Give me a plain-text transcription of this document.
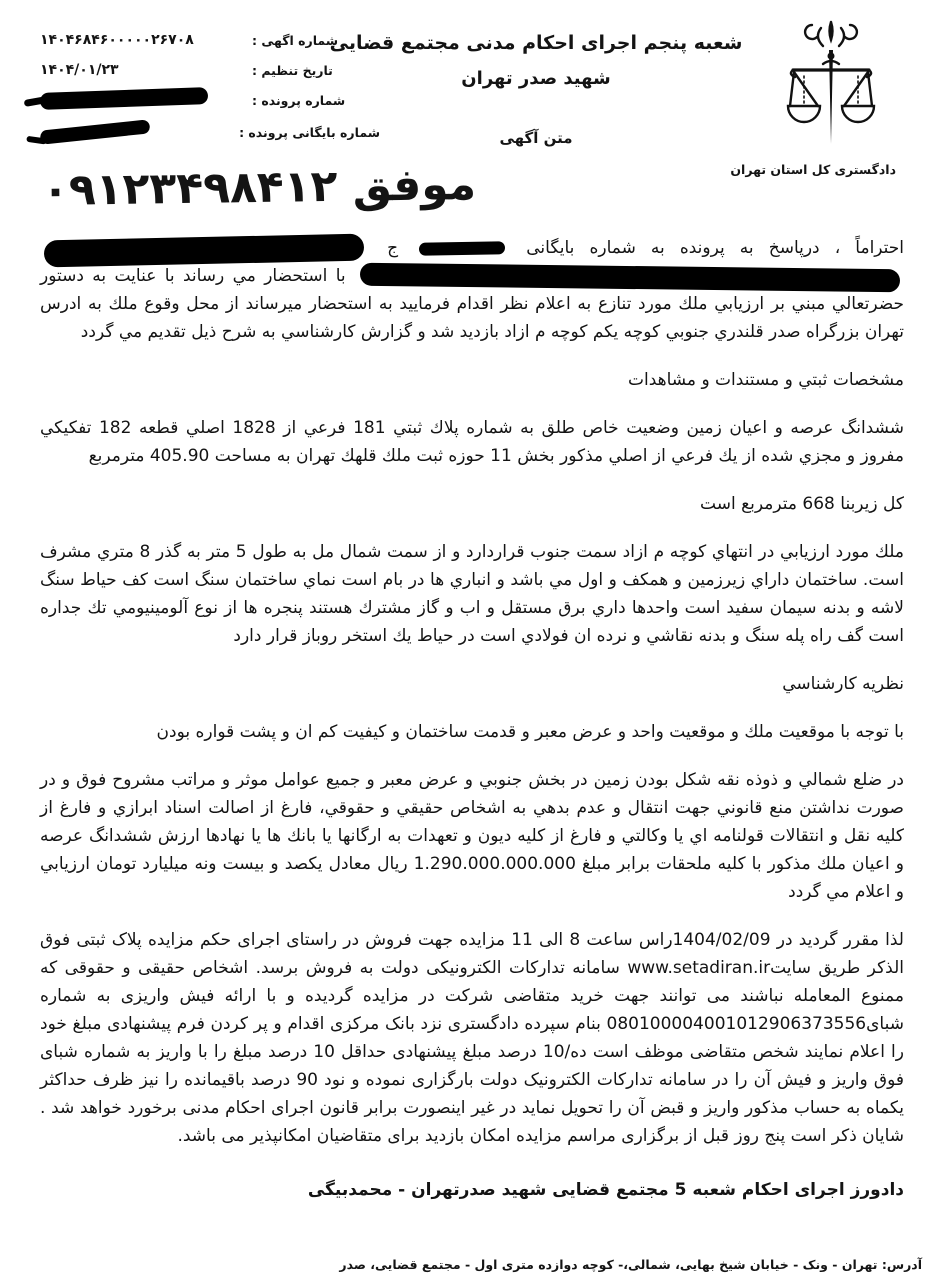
دادگستری کل استان تهران
شعبه پنجم اجرای احکام مدنی مجتمع قضایی
شهید صدر تهران
متن آگهی
شماره اگهی :
۱۴۰۴۶۸۴۶۰۰۰۰۰۲۶۷۰۸
تاریخ تنظیم :
۱۴۰۴/۰۱/۲۳
شماره پرونده :
شماره بایگانی پرونده :
موفق ۰۹۱۲۳۴۹۸۴۱۲

احتراماً ، درپاسخ به پرونده به شماره بایگانی  ج   با استحضار مي رساند با عنایت به دستور حضرتعالي مبني بر ارزیابي ملك مورد تنازع به اعلام نظر اقدام فرمایید به استحضار میرساند از محل وقوع ملك به ادرس تهران بزرگراه صدر قلندري جنوبي کوچه یکم کوچه م ازاد بازدید شد و گزارش کارشناسي به شرح ذیل تقدیم مي گردد

مشخصات ثبتي و مستندات و مشاهدات

ششدانگ عرصه و اعیان زمین وضعیت خاص طلق به شماره پلاك ثبتي 181 فرعي از 1828 اصلي قطعه 182 تفکیکي مفروز و مجزي شده از یك فرعي از اصلي مذکور بخش 11 حوزه ثبت ملك قلهك تهران به مساحت 405.90 مترمربع

کل زیربنا 668 مترمربع است

ملك مورد ارزیابي در انتهاي کوچه م ازاد سمت جنوب قراردارد و از سمت شمال مل به طول 5 متر به گذر 8 متري مشرف است. ساختمان داراي زیرزمین و همکف و اول مي باشد و انباري ها در بام است نماي ساختمان سنگ است کف حیاط سنگ لاشه و بدنه سیمان سفید است واحدها داري برق مستقل و اب و گاز مشترك هستند پنجره ها از نوع آلومینیومي تك جداره است گف راه پله سنگ و بدنه نقاشي و نرده ان فولادي است در حیاط یك استخر روباز قرار دارد

نظریه کارشناسي

با توجه با موقعیت ملك و موقعیت واحد و عرض معبر و قدمت ساختمان و کیفیت کم ان و پشت قواره بودن

در ضلع شمالي و ذوذه نقه شکل بودن زمین در بخش جنوبي و عرض معبر و جمیع عوامل موثر و مراتب مشروح فوق و در صورت نداشتن منع قانوني جهت انتقال و عدم بدهي به اشخاص حقیقي و حقوقي، فارغ از اصالت اسناد ابرازي و فارغ از کلیه نقل و انتقالات قولنامه اي یا وکالتي و فارغ از کلیه دیون و تعهدات به ارگانها یا بانك ها یا نهادها ارزش ششدانگ عرصه و اعیان ملك مذکور با کلیه ملحقات برابر مبلغ 1.290.000.000.000 ریال معادل یکصد و بیست ونه میلیارد تومان ارزیابي و اعلام مي گردد

لذا مقرر گردید در 1404/02/09راس ساعت 8 الی 11 مزایده جهت فروش در راستای اجرای حکم مزایده پلاک ثبتی فوق الذکر طریق سایتwww.setadiran.ir سامانه تدارکات الکترونیکی دولت به فروش برسد. اشخاص حقیقی و حقوقی که ممنوع المعامله نباشند می توانند جهت خرید متقاضی شرکت در مزایده گردیده و با ارائه فیش واریزی به شماره شبای080100004001012906373556 بنام سپرده دادگستری نزد بانک مرکزی اقدام و پر کردن فرم پیشنهادی مبلغ خود را اعلام نمایند شخص متقاضی موظف است ده/10 درصد مبلغ پیشنهادی حداقل 10 درصد مبلغ را با واریز به شماره شبای فوق واریز و فیش آن را در سامانه تدارکات الکترونیک دولت بارگزاری نموده و نود 90 درصد باقیمانده را نیز ظرف حداکثر یکماه به حساب مذکور واریز و قبض آن را تحویل نماید در غیر اینصورت برابر قانون اجرای احکام مدنی برخورد خواهد شد . شایان ذکر است پنج روز قبل از برگزاری مراسم مزایده امکان بازدید برای متقاضیان امکانپذیر می باشد.

دادورز اجرای احکام شعبه 5 مجتمع قضایی شهید صدرتهران - محمدبیگی
آدرس: تهران - ونک - خیابان شیخ بهایی، شمالی،- کوچه دوازده متری اول - مجتمع قضایی، صدر
